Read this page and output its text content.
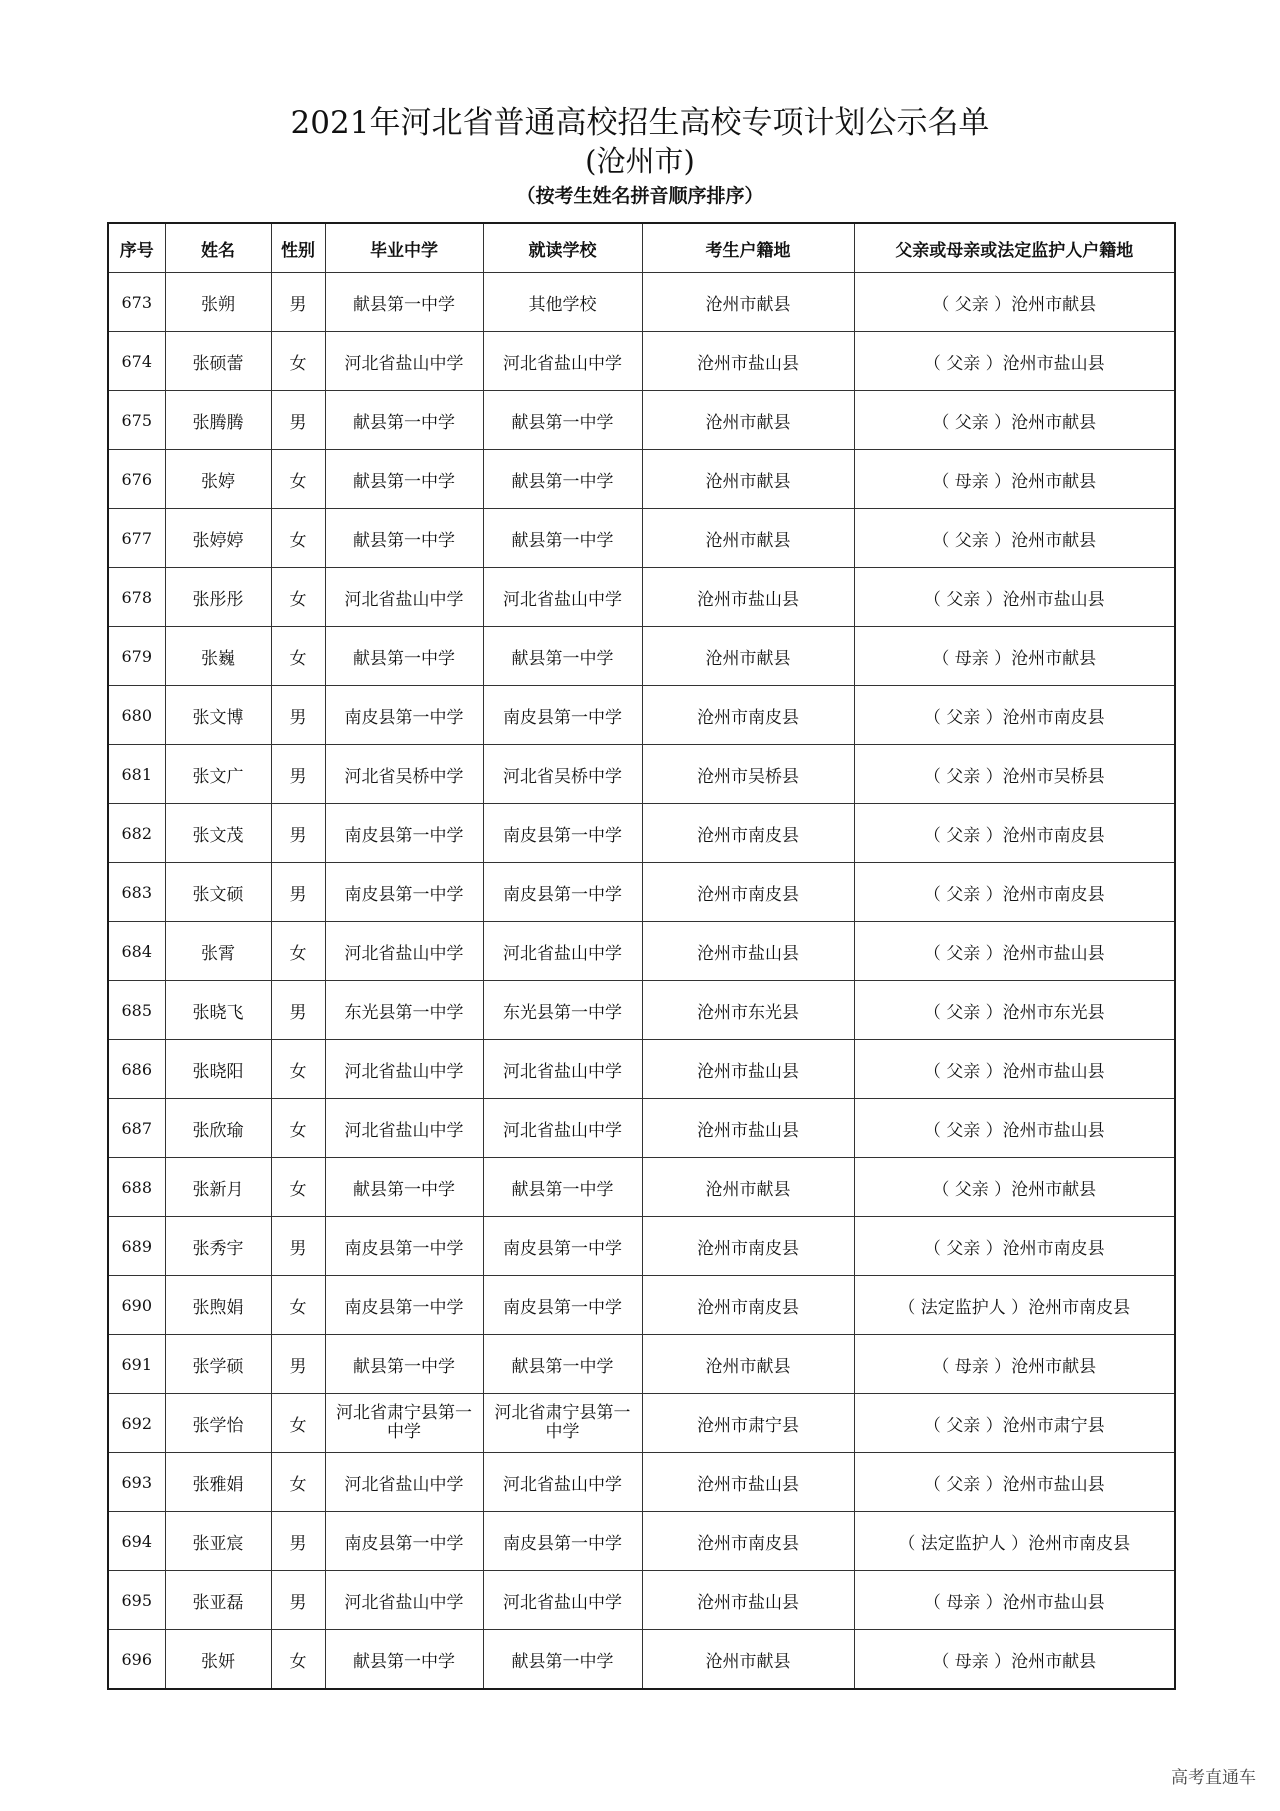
2021年河北省普通高校招生高校专项计划公示名单
(沧州市)
（按考生姓名拼音顺序排序）
序号	姓名	性别	毕业中学	就读学校	考生户籍地	父亲或母亲或法定监护人户籍地
673	张朔	男	献县第一中学	其他学校	沧州市献县	（ 父亲 ）沧州市献县
674	张硕蕾	女	河北省盐山中学	河北省盐山中学	沧州市盐山县	（ 父亲 ）沧州市盐山县
675	张腾腾	男	献县第一中学	献县第一中学	沧州市献县	（ 父亲 ）沧州市献县
676	张婷	女	献县第一中学	献县第一中学	沧州市献县	（ 母亲 ）沧州市献县
677	张婷婷	女	献县第一中学	献县第一中学	沧州市献县	（ 父亲 ）沧州市献县
678	张彤彤	女	河北省盐山中学	河北省盐山中学	沧州市盐山县	（ 父亲 ）沧州市盐山县
679	张巍	女	献县第一中学	献县第一中学	沧州市献县	（ 母亲 ）沧州市献县
680	张文博	男	南皮县第一中学	南皮县第一中学	沧州市南皮县	（ 父亲 ）沧州市南皮县
681	张文广	男	河北省吴桥中学	河北省吴桥中学	沧州市吴桥县	（ 父亲 ）沧州市吴桥县
682	张文茂	男	南皮县第一中学	南皮县第一中学	沧州市南皮县	（ 父亲 ）沧州市南皮县
683	张文硕	男	南皮县第一中学	南皮县第一中学	沧州市南皮县	（ 父亲 ）沧州市南皮县
684	张霄	女	河北省盐山中学	河北省盐山中学	沧州市盐山县	（ 父亲 ）沧州市盐山县
685	张晓飞	男	东光县第一中学	东光县第一中学	沧州市东光县	（ 父亲 ）沧州市东光县
686	张晓阳	女	河北省盐山中学	河北省盐山中学	沧州市盐山县	（ 父亲 ）沧州市盐山县
687	张欣瑜	女	河北省盐山中学	河北省盐山中学	沧州市盐山县	（ 父亲 ）沧州市盐山县
688	张新月	女	献县第一中学	献县第一中学	沧州市献县	（ 父亲 ）沧州市献县
689	张秀宇	男	南皮县第一中学	南皮县第一中学	沧州市南皮县	（ 父亲 ）沧州市南皮县
690	张煦娟	女	南皮县第一中学	南皮县第一中学	沧州市南皮县	（ 法定监护人 ）沧州市南皮县
691	张学硕	男	献县第一中学	献县第一中学	沧州市献县	（ 母亲 ）沧州市献县
692	张学怡	女	河北省肃宁县第一中学	河北省肃宁县第一中学	沧州市肃宁县	（ 父亲 ）沧州市肃宁县
693	张雅娟	女	河北省盐山中学	河北省盐山中学	沧州市盐山县	（ 父亲 ）沧州市盐山县
694	张亚宸	男	南皮县第一中学	南皮县第一中学	沧州市南皮县	（ 法定监护人 ）沧州市南皮县
695	张亚磊	男	河北省盐山中学	河北省盐山中学	沧州市盐山县	（ 母亲 ）沧州市盐山县
696	张妍	女	献县第一中学	献县第一中学	沧州市献县	（ 母亲 ）沧州市献县
高考直通车
